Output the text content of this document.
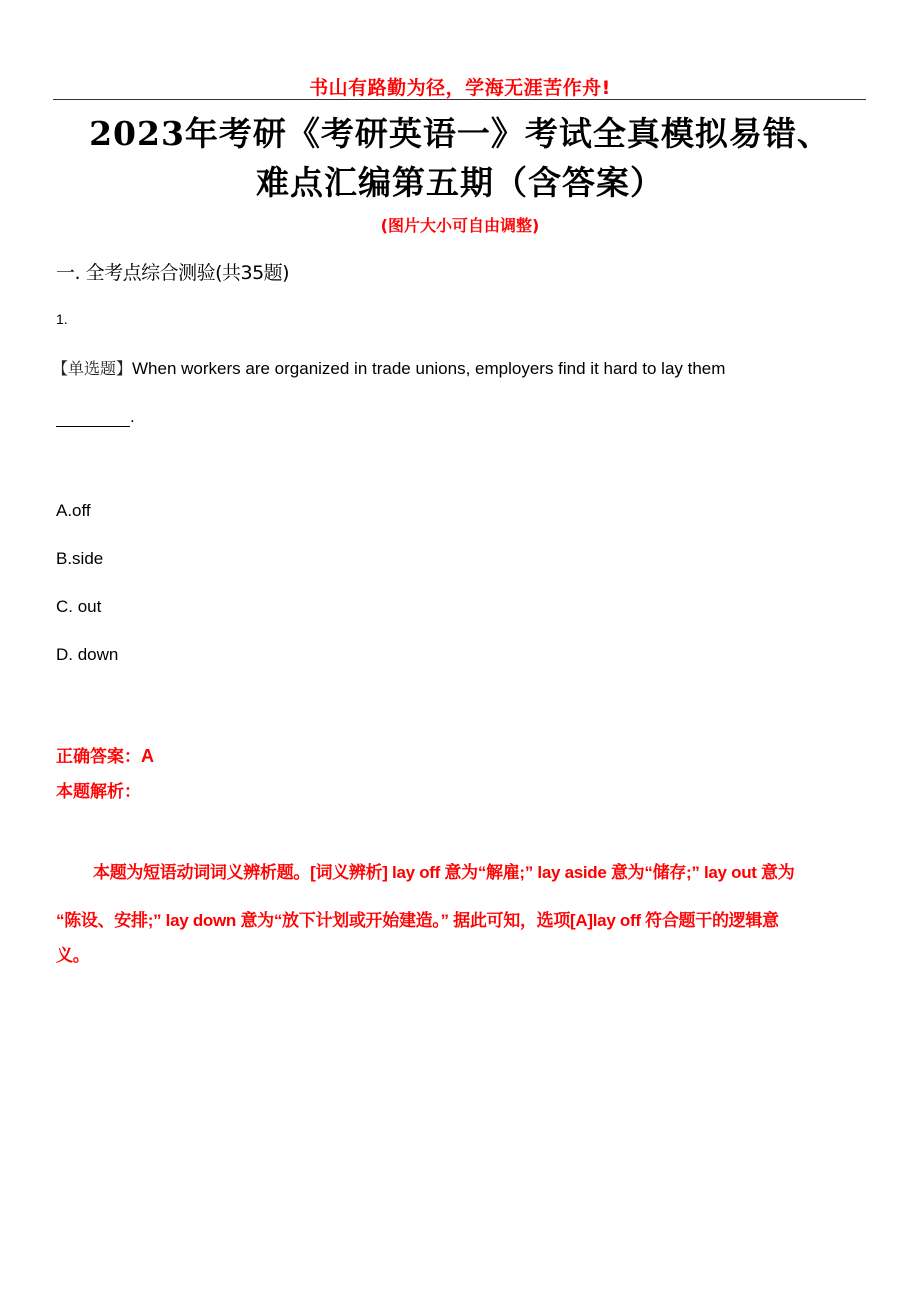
书山有路勤为径，学海无涯苦作舟!
2023年考研《考研英语一》考试全真模拟易错、
难点汇编第五期（含答案）
(图片大小可自由调整)
一. 全考点综合测验(共35题)
1.
【单选题】When workers are organized in trade unions, employers find it hard to lay them
.
A.off
B.side
C. out
D. down
正确答案：A
本题解析：
本题为短语动词词义辨析题。[词义辨析] lay off 意为“解雇;” lay aside 意为“储存;” lay out 意为
“陈设、安排;” lay down 意为“放下计划或开始建造。” 据此可知，选项[A]lay off 符合题干的逻辑意
义。
